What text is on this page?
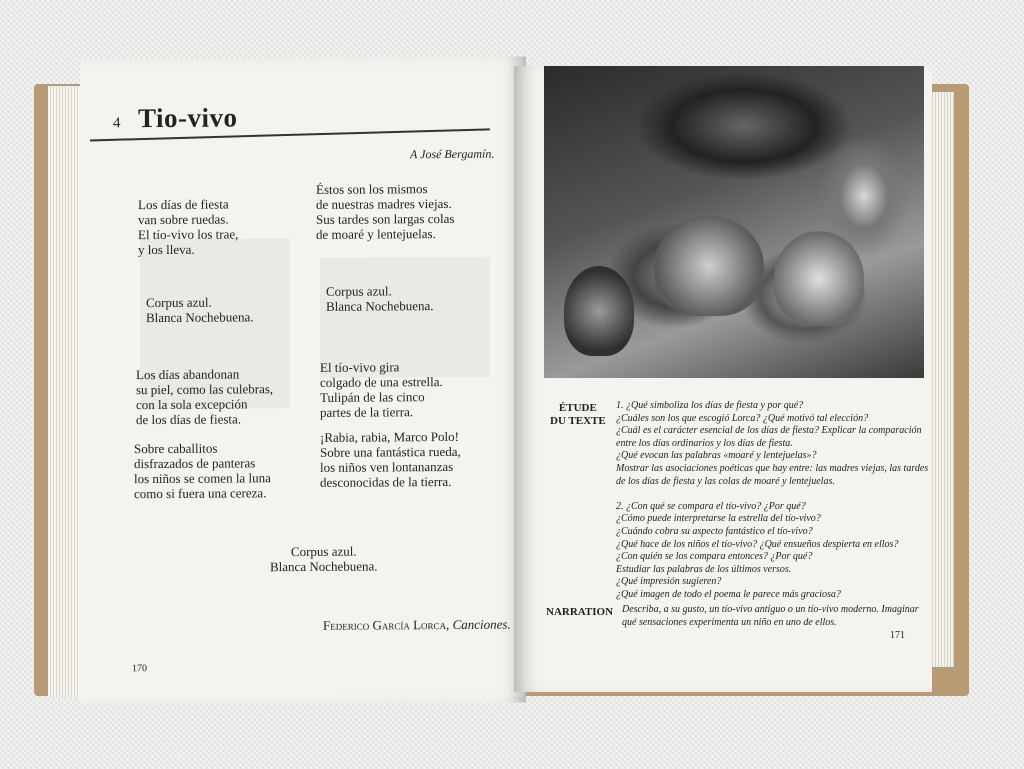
4 Tio-vivo
A José Bergamín.
Los días de fiesta
van sobre ruedas.
El tío-vivo los trae,
y los lleva.
Corpus azul.
Blanca Nochebuena.
Los días abandonan
su piel, como las culebras,
con la sola excepción
de los días de fiesta.
Sobre caballitos
disfrazados de panteras
los niños se comen la luna
como si fuera una cereza.
Éstos son los mismos
de nuestras madres viejas.
Sus tardes son largas colas
de moaré y lentejuelas.
Corpus azul.
Blanca Nochebuena.
El tío-vivo gira
colgado de una estrella.
Tulipán de las cinco
partes de la tierra.
¡Rabia, rabia, Marco Polo!
Sobre una fantástica rueda,
los niños ven lontananzas
desconocidas de la tierra.
Corpus azul.
Blanca Nochebuena.
Federico García Lorca, Canciones.
170
ÉTUDE
DU TEXTE
1. ¿Qué simboliza los días de fiesta y por qué?
¿Cuáles son los que escogió Lorca? ¿Qué motivó tal elección?
¿Cuál es el carácter esencial de los días de fiesta? Explicar la comparación entre los días ordinarios y los días de fiesta.
¿Qué evocan las palabras «moaré y lentejuelas»?
Mostrar las asociaciones poéticas que hay entre: las madres viejas, las tardes de los días de fiesta y las colas de moaré y lentejuelas.

2. ¿Con qué se compara el tío-vivo? ¿Por qué?
¿Cómo puede interpretarse la estrella del tío-vivo?
¿Cuándo cobra su aspecto fantástico el tío-vivo?
¿Qué hace de los niños el tío-vivo? ¿Qué ensueños despierta en ellos?
¿Con quién se los compara entonces? ¿Por qué?
Estudiar las palabras de los últimos versos.
¿Qué impresión sugieren?
¿Qué imagen de todo el poema le parece más graciosa?
NARRATION Describa, a su gusto, un tío-vivo antiguo o un tío-vivo moderno. Imaginar qué sensaciones experimenta un niño en uno de ellos.
171
